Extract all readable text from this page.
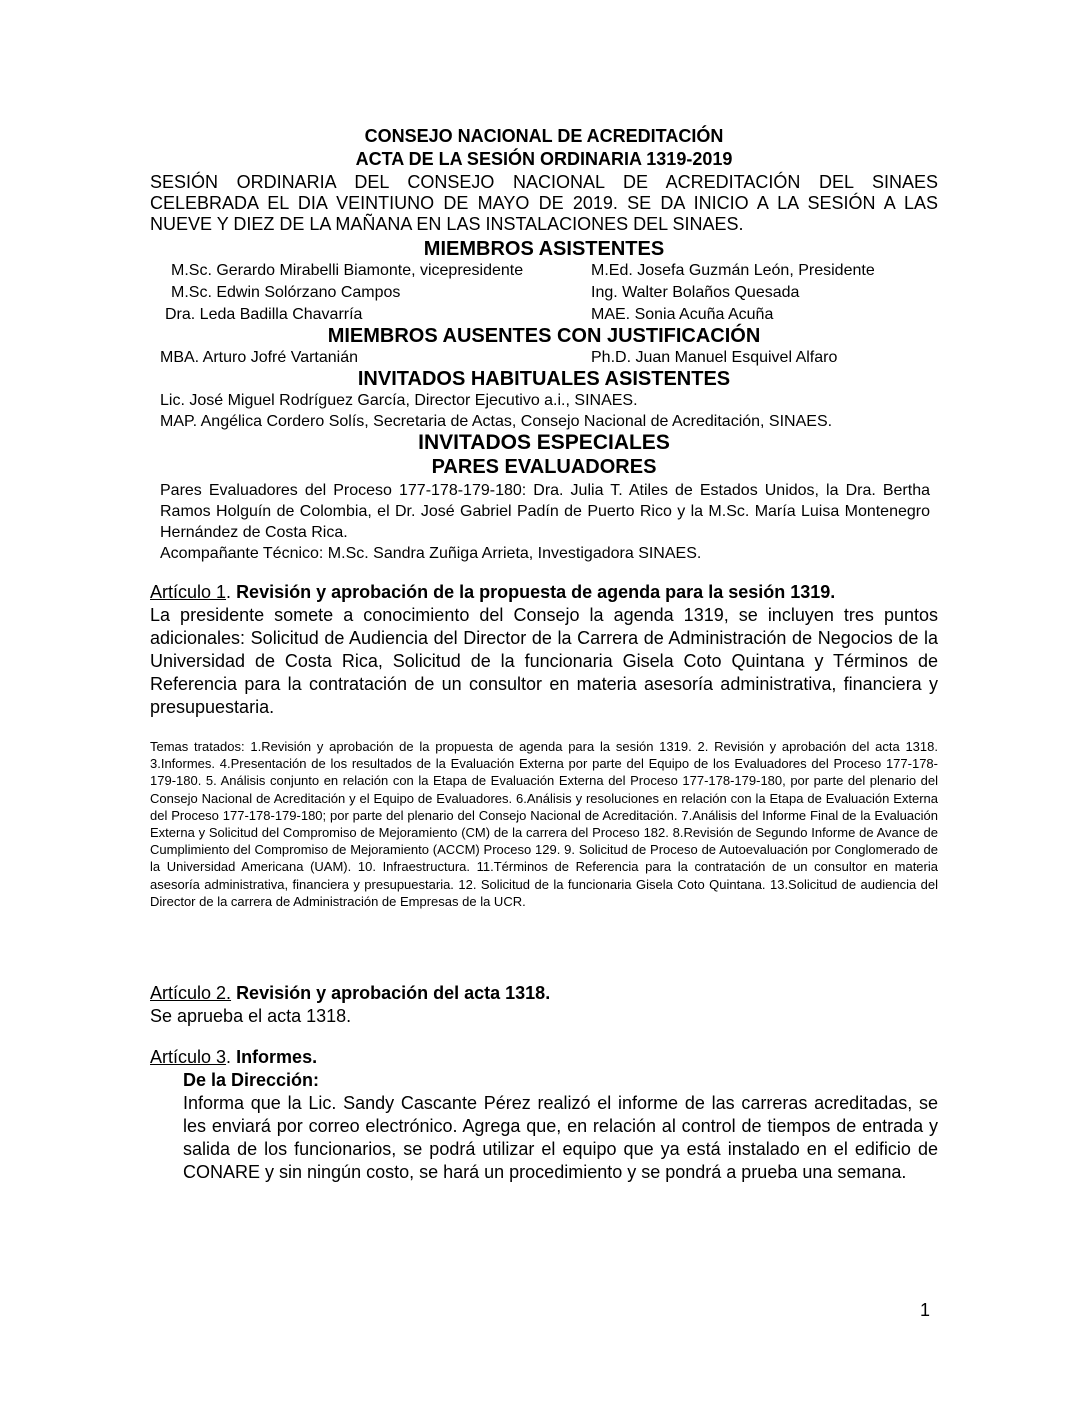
CONSEJO NACIONAL DE ACREDITACIÓN
ACTA DE LA SESIÓN ORDINARIA 1319-2019
SESIÓN ORDINARIA DEL CONSEJO NACIONAL DE ACREDITACIÓN DEL SINAES CELEBRADA EL DIA VEINTIUNO DE MAYO DE 2019. SE DA INICIO A LA SESIÓN A LAS NUEVE Y DIEZ DE LA MAÑANA EN LAS INSTALACIONES DEL SINAES.
MIEMBROS ASISTENTES
M.Sc. Gerardo Mirabelli Biamonte, vicepresidente	M.Ed. Josefa Guzmán León, Presidente
M.Sc. Edwin Solórzano Campos	Ing. Walter Bolaños Quesada
Dra. Leda Badilla Chavarría	MAE. Sonia Acuña Acuña
MIEMBROS AUSENTES CON JUSTIFICACIÓN
MBA. Arturo Jofré Vartanián	Ph.D. Juan Manuel Esquivel Alfaro
INVITADOS HABITUALES ASISTENTES
Lic. José Miguel Rodríguez García, Director Ejecutivo a.i., SINAES.
MAP. Angélica Cordero Solís, Secretaria de Actas, Consejo Nacional de Acreditación, SINAES.
INVITADOS ESPECIALES
PARES EVALUADORES

Pares Evaluadores del Proceso 177-178-179-180: Dra. Julia T. Atiles de Estados Unidos, la Dra. Bertha Ramos Holguín de Colombia, el Dr. José Gabriel Padín de Puerto Rico y la M.Sc. María Luisa Montenegro Hernández de Costa Rica.

Acompañante Técnico: M.Sc. Sandra Zuñiga Arrieta, Investigadora SINAES.

Artículo 1. Revisión y aprobación de la propuesta de agenda para la sesión 1319.

La presidente somete a conocimiento del Consejo la agenda 1319, se incluyen tres puntos adicionales: Solicitud de Audiencia del Director de la Carrera de Administración de Negocios de la Universidad de Costa Rica, Solicitud de la funcionaria Gisela Coto Quintana y Términos de Referencia para la contratación de un consultor en materia asesoría administrativa, financiera y presupuestaria.

Temas tratados: 1.Revisión y aprobación de la propuesta de agenda para la sesión 1319. 2. Revisión y aprobación del acta 1318. 3.Informes. 4.Presentación de los resultados de la Evaluación Externa por parte del Equipo de los Evaluadores del Proceso 177-178-179-180. 5. Análisis conjunto en relación con la Etapa de Evaluación Externa del Proceso 177-178-179-180, por parte del plenario del Consejo Nacional de Acreditación y el Equipo de Evaluadores. 6.Análisis y resoluciones en relación con la Etapa de Evaluación Externa del Proceso 177-178-179-180; por parte del plenario del Consejo Nacional de Acreditación. 7.Análisis del Informe Final de la Evaluación Externa y Solicitud del Compromiso de Mejoramiento (CM) de la carrera del Proceso 182. 8.Revisión de Segundo Informe de Avance de Cumplimiento del Compromiso de Mejoramiento (ACCM) Proceso 129. 9. Solicitud de Proceso de Autoevaluación por Conglomerado de la Universidad Americana (UAM). 10. Infraestructura. 11.Términos de Referencia para la contratación de un consultor en materia asesoría administrativa, financiera y presupuestaria. 12. Solicitud de la funcionaria Gisela Coto Quintana. 13.Solicitud de audiencia del Director de la carrera de Administración de Empresas de la UCR.
Artículo 2. Revisión y aprobación del acta 1318.

Se aprueba el acta 1318.

Artículo 3. Informes.
De la Dirección:

Informa que la Lic. Sandy Cascante Pérez realizó el informe de las carreras acreditadas, se les enviará por correo electrónico. Agrega que, en relación al control de tiempos de entrada y salida de los funcionarios, se podrá utilizar el equipo que ya está instalado en el edificio de CONARE y sin ningún costo, se hará un procedimiento y se pondrá a prueba una semana.

1
